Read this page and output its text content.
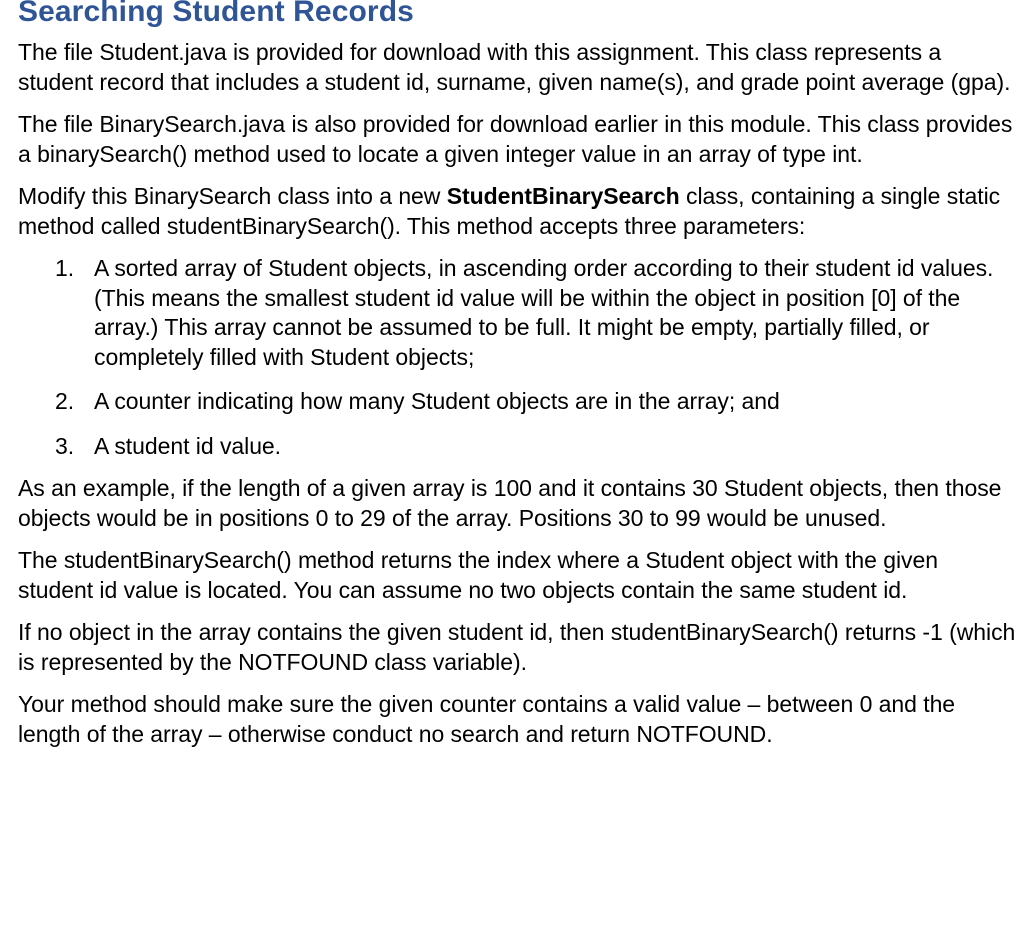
Searching Student Records

The file Student.java is provided for download with this assignment. This class represents a student record that includes a student id, surname, given name(s), and grade point average (gpa).

The file BinarySearch.java is also provided for download earlier in this module. This class provides a binarySearch() method used to locate a given integer value in an array of type int.

Modify this BinarySearch class into a new StudentBinarySearch class, containing a single static method called studentBinarySearch(). This method accepts three parameters:

1. A sorted array of Student objects, in ascending order according to their student id values. (This means the smallest student id value will be within the object in position [0] of the array.) This array cannot be assumed to be full. It might be empty, partially filled, or completely filled with Student objects;
2. A counter indicating how many Student objects are in the array; and
3. A student id value.

As an example, if the length of a given array is 100 and it contains 30 Student objects, then those objects would be in positions 0 to 29 of the array. Positions 30 to 99 would be unused.

The studentBinarySearch() method returns the index where a Student object with the given student id value is located. You can assume no two objects contain the same student id.

If no object in the array contains the given student id, then studentBinarySearch() returns -1 (which is represented by the NOTFOUND class variable).

Your method should make sure the given counter contains a valid value – between 0 and the length of the array – otherwise conduct no search and return NOTFOUND.
